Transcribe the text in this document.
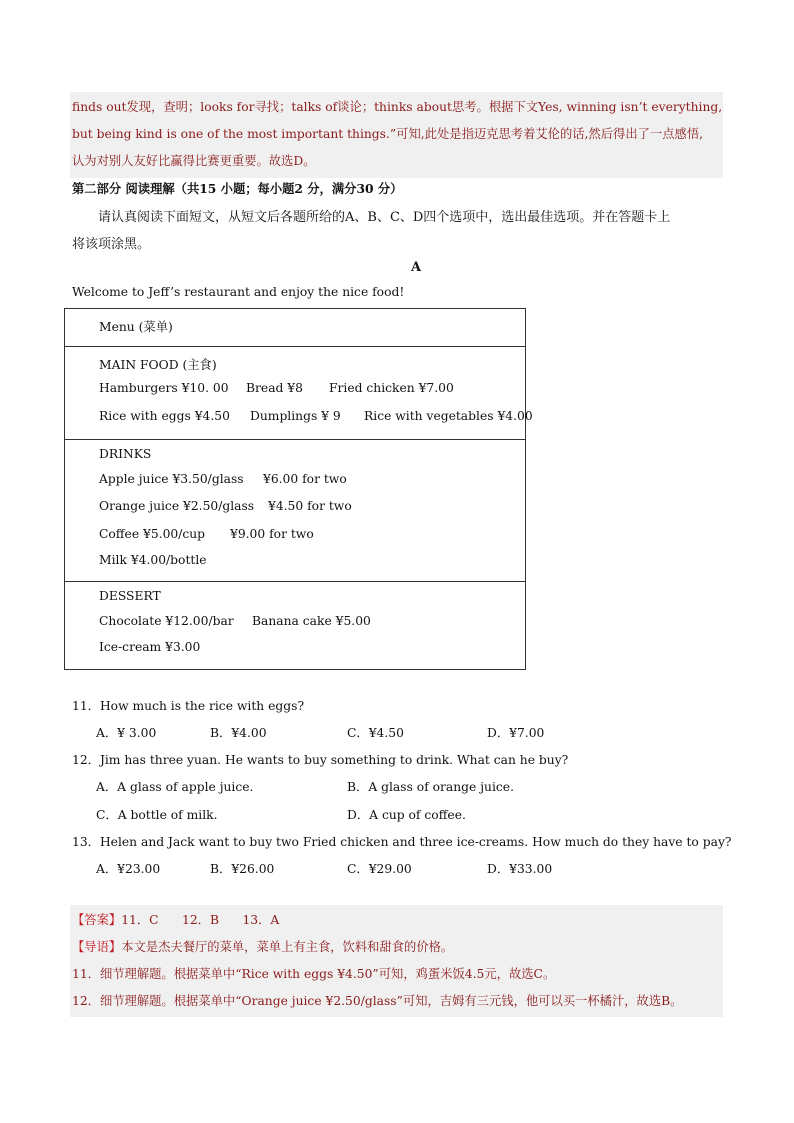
finds out发现，查明；looks for寻找；talks of谈论；thinks about思考。根据下文Yes, winning isn’t everything,
but being kind is one of the most important things.”可知,此处是指迈克思考着艾伦的话,然后得出了一点感悟,
认为对别人友好比赢得比赛更重要。故选D。
第二部分 阅读理解（共15 小题；每小题2 分，满分30 分）
请认真阅读下面短文，从短文后各题所给的A、B、C、D四个选项中，选出最佳选项。并在答题卡上
将该项涂黑。
A
Welcome to Jeff’s restaurant and enjoy the nice food!
Menu (菜单)
MAIN FOOD (主食)
Hamburgers ¥10. 00 Bread ¥8 Fried chicken ¥7.00
Rice with eggs ¥4.50 Dumplings ¥ 9 Rice with vegetables ¥4.00
DRINKS
Apple juice ¥3.50/glass ¥6.00 for two
Orange juice ¥2.50/glass ¥4.50 for two
Coffee ¥5.00/cup ¥9.00 for two
Milk ¥4.00/bottle
DESSERT
Chocolate ¥12.00/bar Banana cake ¥5.00
Ice-cream ¥3.00
11．How much is the rice with eggs?
A．¥ 3.00	B．¥4.00	C．¥4.50	D．¥7.00
12．Jim has three yuan. He wants to buy something to drink. What can he buy?
A．A glass of apple juice.	B．A glass of orange juice.
C．A bottle of milk.	D．A cup of coffee.
13．Helen and Jack want to buy two Fried chicken and three ice-creams. How much do they have to pay?
A．¥23.00	B．¥26.00	C．¥29.00	D．¥33.00
【答案】11．C      12．B      13．A
【导语】本文是杰夫餐厅的菜单，菜单上有主食，饮料和甜食的价格。
11．细节理解题。根据菜单中“Rice with eggs ¥4.50”可知，鸡蛋米饭4.5元，故选C。
12．细节理解题。根据菜单中“Orange juice ¥2.50/glass”可知，吉姆有三元钱，他可以买一杯橘汁，故选B。
